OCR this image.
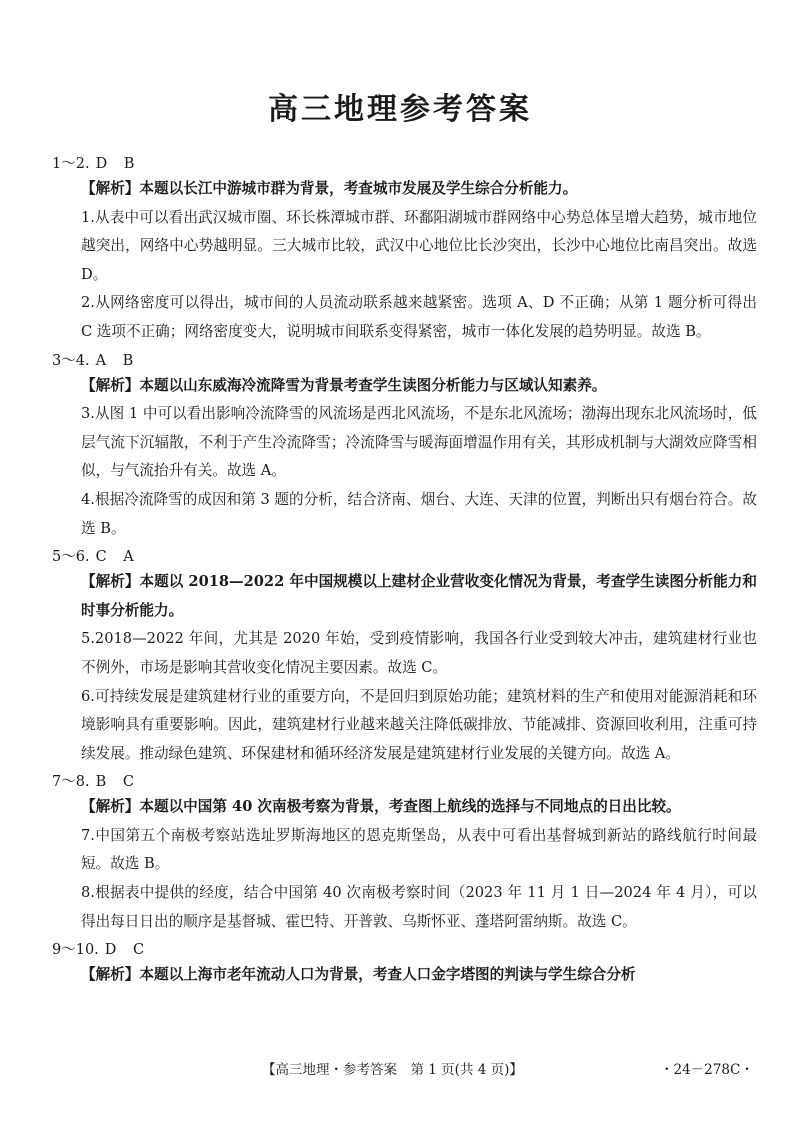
高三地理参考答案
1～2. D B
【解析】本题以长江中游城市群为背景，考查城市发展及学生综合分析能力。
1.从表中可以看出武汉城市圈、环长株潭城市群、环鄱阳湖城市群网络中心势总体呈增大趋势，城市地位越突出，网络中心势越明显。三大城市比较，武汉中心地位比长沙突出，长沙中心地位比南昌突出。故选 D。
2.从网络密度可以得出，城市间的人员流动联系越来越紧密。选项 A、D 不正确；从第 1 题分析可得出 C 选项不正确；网络密度变大，说明城市间联系变得紧密，城市一体化发展的趋势明显。故选 B。
3～4. A B
【解析】本题以山东威海冷流降雪为背景考查学生读图分析能力与区域认知素养。
3.从图 1 中可以看出影响冷流降雪的风流场是西北风流场，不是东北风流场；渤海出现东北风流场时，低层气流下沉辐散，不利于产生冷流降雪；冷流降雪与暖海面增温作用有关，其形成机制与大湖效应降雪相似，与气流抬升有关。故选 A。
4.根据冷流降雪的成因和第 3 题的分析，结合济南、烟台、大连、天津的位置，判断出只有烟台符合。故选 B。
5～6. C A
【解析】本题以 2018—2022 年中国规模以上建材企业营收变化情况为背景，考查学生读图分析能力和时事分析能力。
5.2018—2022 年间，尤其是 2020 年始，受到疫情影响，我国各行业受到较大冲击，建筑建材行业也不例外，市场是影响其营收变化情况主要因素。故选 C。
6.可持续发展是建筑建材行业的重要方向，不是回归到原始功能；建筑材料的生产和使用对能源消耗和环境影响具有重要影响。因此，建筑建材行业越来越关注降低碳排放、节能减排、资源回收利用，注重可持续发展。推动绿色建筑、环保建材和循环经济发展是建筑建材行业发展的关键方向。故选 A。
7～8. B C
【解析】本题以中国第 40 次南极考察为背景，考查图上航线的选择与不同地点的日出比较。
7.中国第五个南极考察站选址罗斯海地区的恩克斯堡岛，从表中可看出基督城到新站的路线航行时间最短。故选 B。
8.根据表中提供的经度，结合中国第 40 次南极考察时间（2023 年 11 月 1 日—2024 年 4 月），可以得出每日日出的顺序是基督城、霍巴特、开普敦、乌斯怀亚、蓬塔阿雷纳斯。故选 C。
9～10. D C
【解析】本题以上海市老年流动人口为背景，考查人口金字塔图的判读与学生综合分析
【高三地理・参考答案　第 1 页(共 4 页)】	・24－278C・
